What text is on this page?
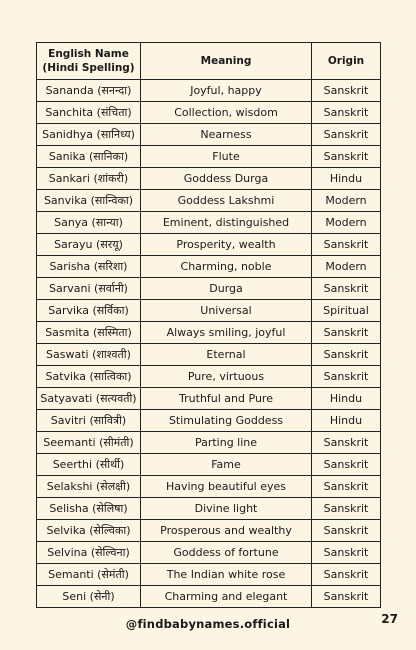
English Name
(Hindi Spelling)	Meaning	Origin
Sananda (सनन्दा)	Joyful, happy	Sanskrit
Sanchita (संचिता)	Collection, wisdom	Sanskrit
Sanidhya (सानिध्य)	Nearness	Sanskrit
Sanika (सानिका)	Flute	Sanskrit
Sankari (शांकरी)	Goddess Durga	Hindu
Sanvika (सान्विका)	Goddess Lakshmi	Modern
Sanya (सान्या)	Eminent, distinguished	Modern
Sarayu (सरयू)	Prosperity, wealth	Sanskrit
Sarisha (सरिशा)	Charming, noble	Modern
Sarvani (सर्वानी)	Durga	Sanskrit
Sarvika (सर्विका)	Universal	Spiritual
Sasmita (सस्मिता)	Always smiling, joyful	Sanskrit
Saswati (शाश्वती)	Eternal	Sanskrit
Satvika (सात्विका)	Pure, virtuous	Sanskrit
Satyavati (सत्यवती)	Truthful and Pure	Hindu
Savitri (सावित्री)	Stimulating Goddess	Hindu
Seemanti (सीमंती)	Parting line	Sanskrit
Seerthi (सीर्थी)	Fame	Sanskrit
Selakshi (सेलक्षी)	Having beautiful eyes	Sanskrit
Selisha (सेलिषा)	Divine light	Sanskrit
Selvika (सेल्विका)	Prosperous and wealthy	Sanskrit
Selvina (सेल्विना)	Goddess of fortune	Sanskrit
Semanti (सेमंती)	The Indian white rose	Sanskrit
Seni (सेनी)	Charming and elegant	Sanskrit
@findbabynames.official	27
